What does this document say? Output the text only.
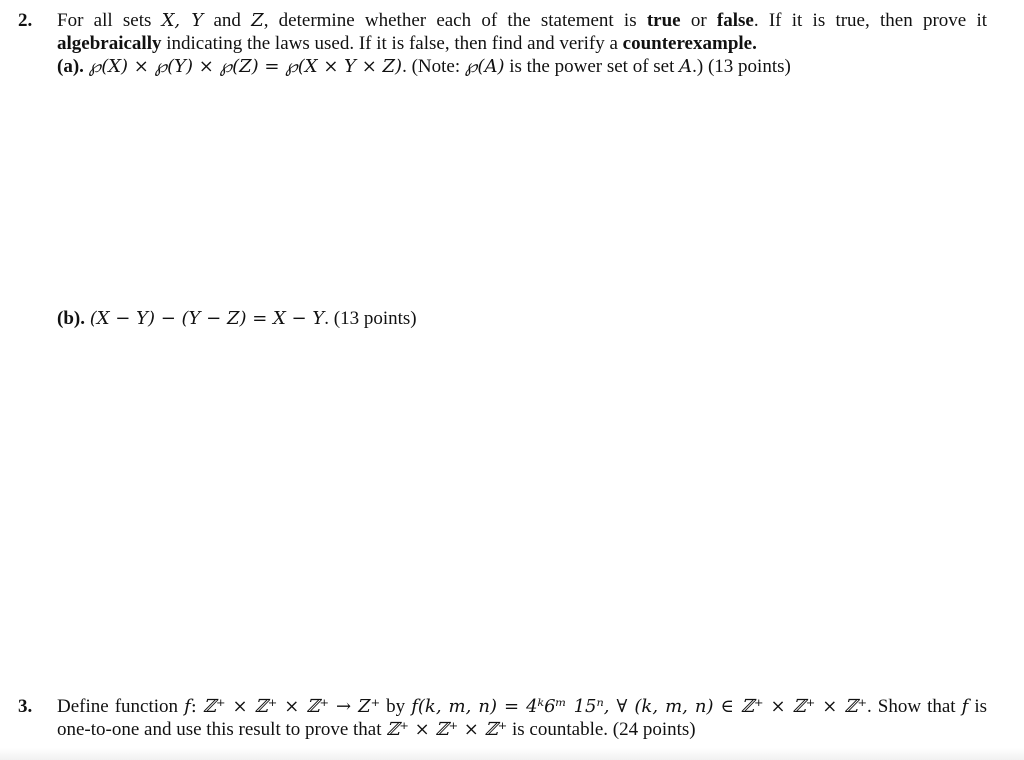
2. For all sets X, Y and Z, determine whether each of the statement is true or false. If it is true, then prove it
algebraically indicating the laws used. If it is false, then find and verify a counterexample.
(a). ℘(X) × ℘(Y) × ℘(Z) = ℘(X × Y × Z). (Note: ℘(A) is the power set of set A.) (13 points)
(b). (X − Y) − (Y − Z) = X − Y. (13 points)
3. Define function f: ℤ⁺ × ℤ⁺ × ℤ⁺ → Z⁺ by f(k, m, n) = 4ᵏ6ᵐ 15ⁿ, ∀ (k, m, n) ∈ ℤ⁺ × ℤ⁺ × ℤ⁺. Show that f is
one-to-one and use this result to prove that ℤ⁺ × ℤ⁺ × ℤ⁺ is countable. (24 points)
